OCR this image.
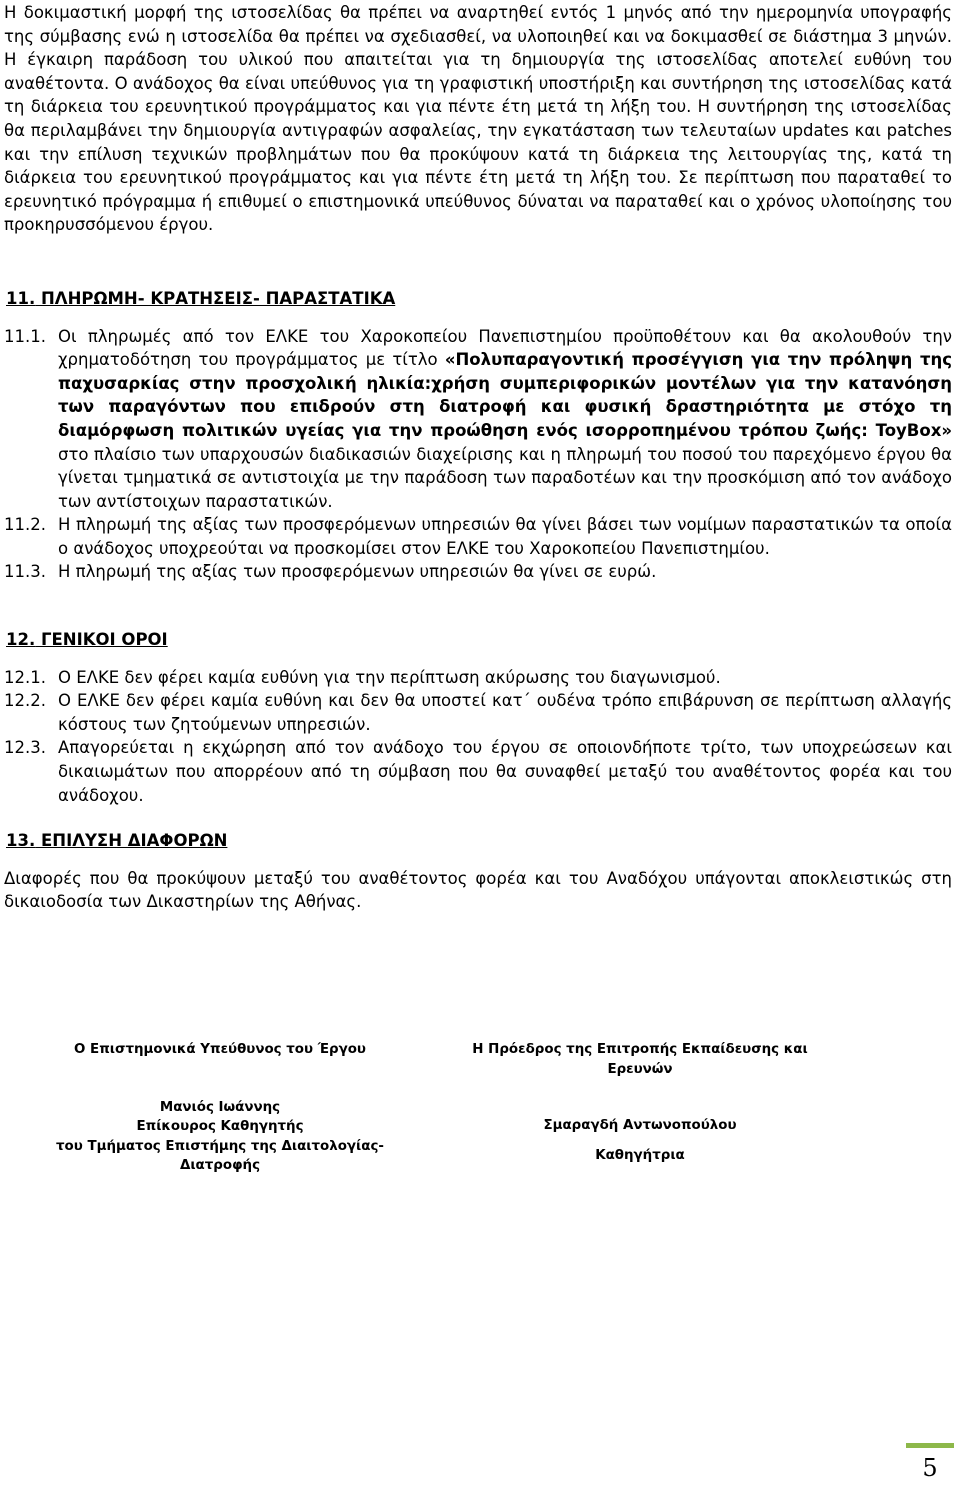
Η δοκιμαστική μορφή της ιστοσελίδας θα πρέπει να αναρτηθεί εντός 1 μηνός από την ημερομηνία υπογραφής της σύμβασης ενώ η ιστοσελίδα θα πρέπει να σχεδιασθεί, να υλοποιηθεί και να δοκιμασθεί σε διάστημα 3 μηνών. Η έγκαιρη παράδοση του υλικού που απαιτείται για τη δημιουργία της ιστοσελίδας αποτελεί ευθύνη του αναθέτοντα. Ο ανάδοχος θα είναι υπεύθυνος για τη γραφιστική υποστήριξη και συντήρηση της ιστοσελίδας κατά τη διάρκεια του ερευνητικού προγράμματος και για πέντε έτη μετά τη λήξη του. Η συντήρηση της ιστοσελίδας θα περιλαμβάνει την δημιουργία αντιγραφών ασφαλείας, την εγκατάσταση των τελευταίων updates και patches και την επίλυση τεχνικών προβλημάτων που θα προκύψουν κατά τη διάρκεια της λειτουργίας της, κατά τη διάρκεια του ερευνητικού προγράμματος και για πέντε έτη μετά τη λήξη του. Σε περίπτωση που παραταθεί το ερευνητικό πρόγραμμα ή επιθυμεί ο επιστημονικά υπεύθυνος δύναται να παραταθεί και ο χρόνος υλοποίησης του προκηρυσσόμενου έργου.

11. ΠΛΗΡΩΜΗ- ΚΡΑΤΗΣΕΙΣ- ΠΑΡΑΣΤΑΤΙΚΑ
11.1. Οι πληρωμές από τον ΕΛΚΕ του Χαροκοπείου Πανεπιστημίου προϋποθέτουν και θα ακολουθούν την χρηματοδότηση του προγράμματος με τίτλο «Πολυπαραγοντική προσέγγιση για την πρόληψη της παχυσαρκίας στην προσχολική ηλικία:χρήση συμπεριφορικών μοντέλων για την κατανόηση των παραγόντων που επιδρούν στη διατροφή και φυσική δραστηριότητα με στόχο τη διαμόρφωση πολιτικών υγείας για την προώθηση ενός ισορροπημένου τρόπου ζωής: ToyBox» στο πλαίσιο των υπαρχουσών διαδικασιών διαχείρισης και η πληρωμή του ποσού του παρεχόμενο έργου θα γίνεται τμηματικά σε αντιστοιχία με την παράδοση των παραδοτέων και την προσκόμιση από τον ανάδοχο των αντίστοιχων παραστατικών.
11.2. Η πληρωμή της αξίας των προσφερόμενων υπηρεσιών θα γίνει βάσει των νομίμων παραστατικών τα οποία ο ανάδοχος υποχρεούται να προσκομίσει στον ΕΛΚΕ του Χαροκοπείου Πανεπιστημίου.
11.3. Η πληρωμή της αξίας των προσφερόμενων υπηρεσιών θα γίνει σε ευρώ.
12. ΓΕΝΙΚΟΙ ΟΡΟΙ
12.1. Ο ΕΛΚΕ δεν φέρει καμία ευθύνη για την περίπτωση ακύρωσης του διαγωνισμού.
12.2. Ο ΕΛΚΕ δεν φέρει καμία ευθύνη και δεν θα υποστεί κατ΄ ουδένα τρόπο επιβάρυνση σε περίπτωση αλλαγής κόστους των ζητούμενων υπηρεσιών.
12.3. Απαγορεύεται η εκχώρηση από τον ανάδοχο του έργου σε οποιονδήποτε τρίτο, των υποχρεώσεων και δικαιωμάτων που απορρέουν από τη σύμβαση που θα συναφθεί μεταξύ του αναθέτοντος φορέα και του ανάδοχου.
13. ΕΠΙΛΥΣΗ ΔΙΑΦΟΡΩΝ

Διαφορές που θα προκύψουν μεταξύ του αναθέτοντος φορέα και του Αναδόχου υπάγονται αποκλειστικώς στη δικαιοδοσία των Δικαστηρίων της Αθήνας.

Ο Επιστημονικά Υπεύθυνος του Έργου
Μανιός Ιωάννης
Επίκουρος Καθηγητής
του Τμήματος Επιστήμης της Διαιτολογίας-
Διατροφής
Η Πρόεδρος της Επιτροπής Εκπαίδευσης και
Ερευνών
Σμαραγδή Αντωνοπούλου
Καθηγήτρια
5
